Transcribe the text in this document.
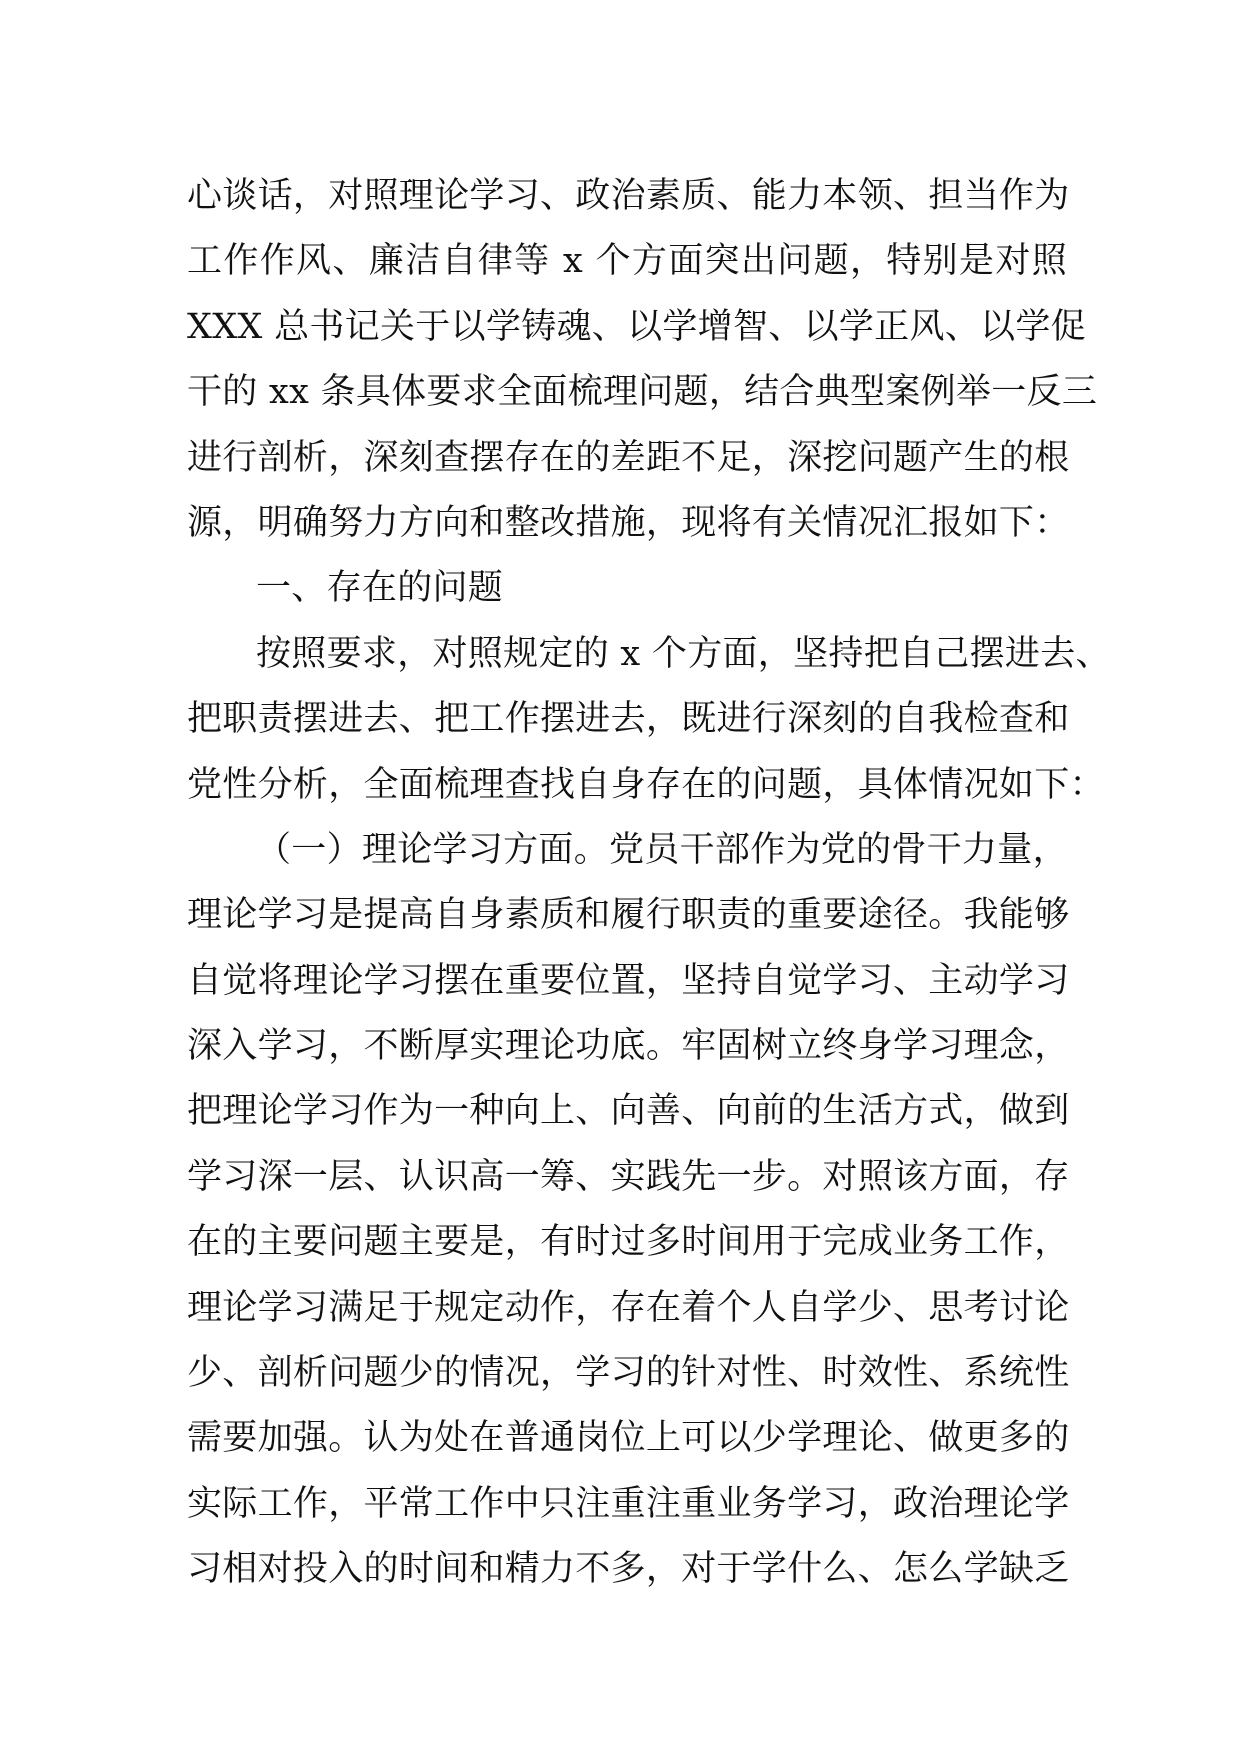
心谈话，对照理论学习、政治素质、能力本领、担当作为
工作作风、廉洁自律等 x 个方面突出问题，特别是对照
XXX 总书记关于以学铸魂、以学增智、以学正风、以学促
干的 xx 条具体要求全面梳理问题，结合典型案例举一反三
进行剖析，深刻查摆存在的差距不足，深挖问题产生的根
源，明确努力方向和整改措施，现将有关情况汇报如下：
一、存在的问题
按照要求，对照规定的 x 个方面，坚持把自己摆进去、
把职责摆进去、把工作摆进去，既进行深刻的自我检查和
党性分析，全面梳理查找自身存在的问题，具体情况如下：
（一）理论学习方面。党员干部作为党的骨干力量，
理论学习是提高自身素质和履行职责的重要途径。我能够
自觉将理论学习摆在重要位置，坚持自觉学习、主动学习
深入学习，不断厚实理论功底。牢固树立终身学习理念，
把理论学习作为一种向上、向善、向前的生活方式，做到
学习深一层、认识高一筹、实践先一步。对照该方面，存
在的主要问题主要是，有时过多时间用于完成业务工作，
理论学习满足于规定动作，存在着个人自学少、思考讨论
少、剖析问题少的情况，学习的针对性、时效性、系统性
需要加强。认为处在普通岗位上可以少学理论、做更多的
实际工作，平常工作中只注重注重业务学习，政治理论学
习相对投入的时间和精力不多，对于学什么、怎么学缺乏
